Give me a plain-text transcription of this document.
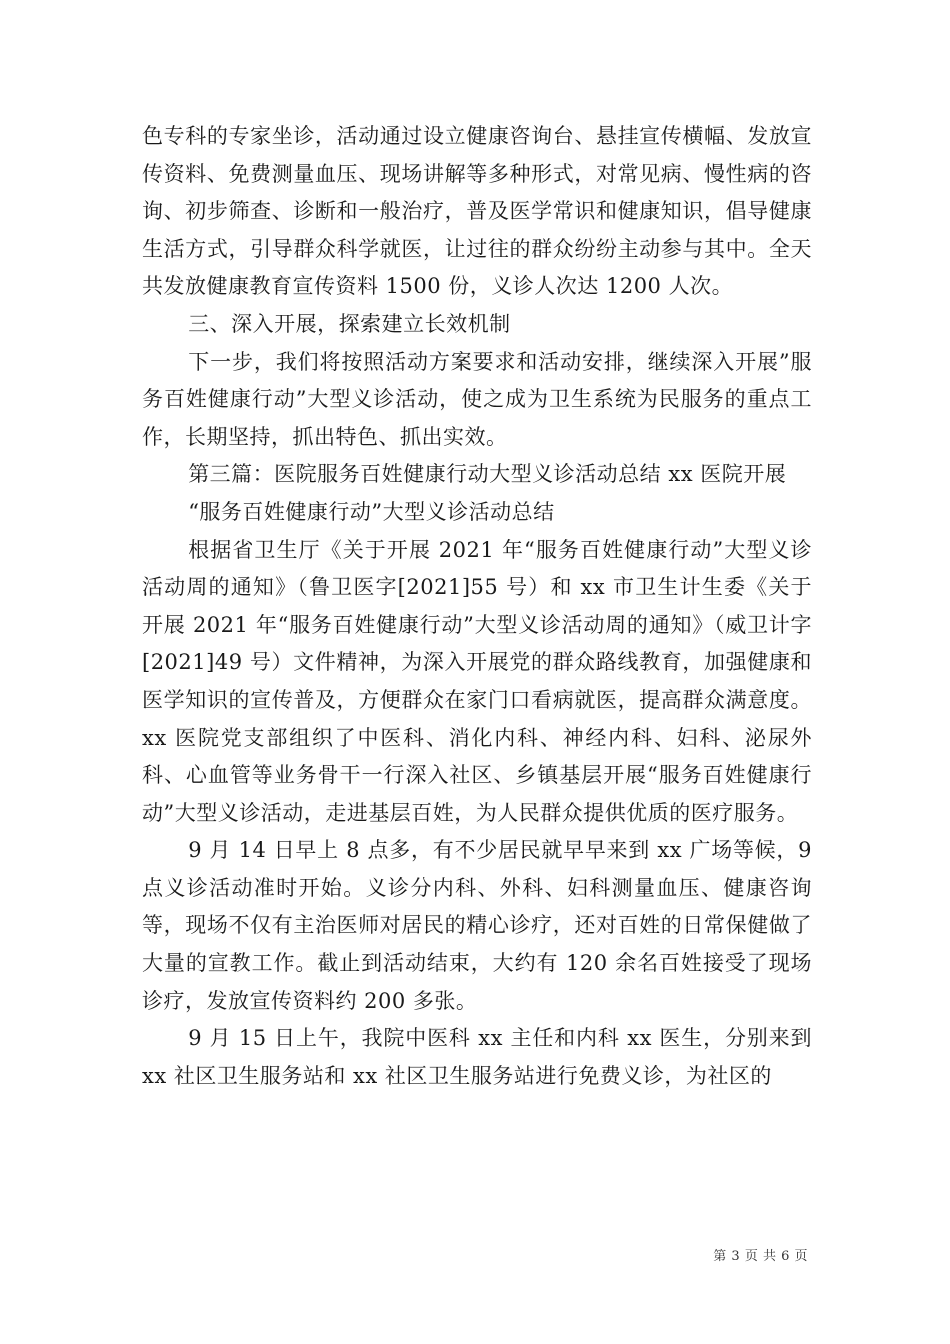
色专科的专家坐诊，活动通过设立健康咨询台、悬挂宣传横幅、发放宣传资料、免费测量血压、现场讲解等多种形式，对常见病、慢性病的咨询、初步筛查、诊断和一般治疗，普及医学常识和健康知识，倡导健康生活方式，引导群众科学就医，让过往的群众纷纷主动参与其中。全天共发放健康教育宣传资料 1500 份，义诊人次达 1200 人次。

三、深入开展，探索建立长效机制

下一步，我们将按照活动方案要求和活动安排，继续深入开展”服务百姓健康行动”大型义诊活动，使之成为卫生系统为民服务的重点工作，长期坚持，抓出特色、抓出实效。

第三篇：医院服务百姓健康行动大型义诊活动总结 xx 医院开展

“服务百姓健康行动”大型义诊活动总结

根据省卫生厅《关于开展 2021 年“服务百姓健康行动”大型义诊活动周的通知》（鲁卫医字[2021]55 号）和 xx 市卫生计生委《关于开展 2021 年“服务百姓健康行动”大型义诊活动周的通知》（威卫计字[2021]49 号）文件精神，为深入开展党的群众路线教育，加强健康和医学知识的宣传普及，方便群众在家门口看病就医，提高群众满意度。xx 医院党支部组织了中医科、消化内科、神经内科、妇科、泌尿外科、心血管等业务骨干一行深入社区、乡镇基层开展“服务百姓健康行动”大型义诊活动，走进基层百姓，为人民群众提供优质的医疗服务。

9 月 14 日早上 8 点多，有不少居民就早早来到 xx 广场等候，9 点义诊活动准时开始。义诊分内科、外科、妇科测量血压、健康咨询等，现场不仅有主治医师对居民的精心诊疗，还对百姓的日常保健做了大量的宣教工作。截止到活动结束，大约有 120 余名百姓接受了现场诊疗，发放宣传资料约 200 多张。

9 月 15 日上午，我院中医科 xx 主任和内科 xx 医生，分别来到 xx 社区卫生服务站和 xx 社区卫生服务站进行免费义诊，为社区的

第 3 页 共 6 页
